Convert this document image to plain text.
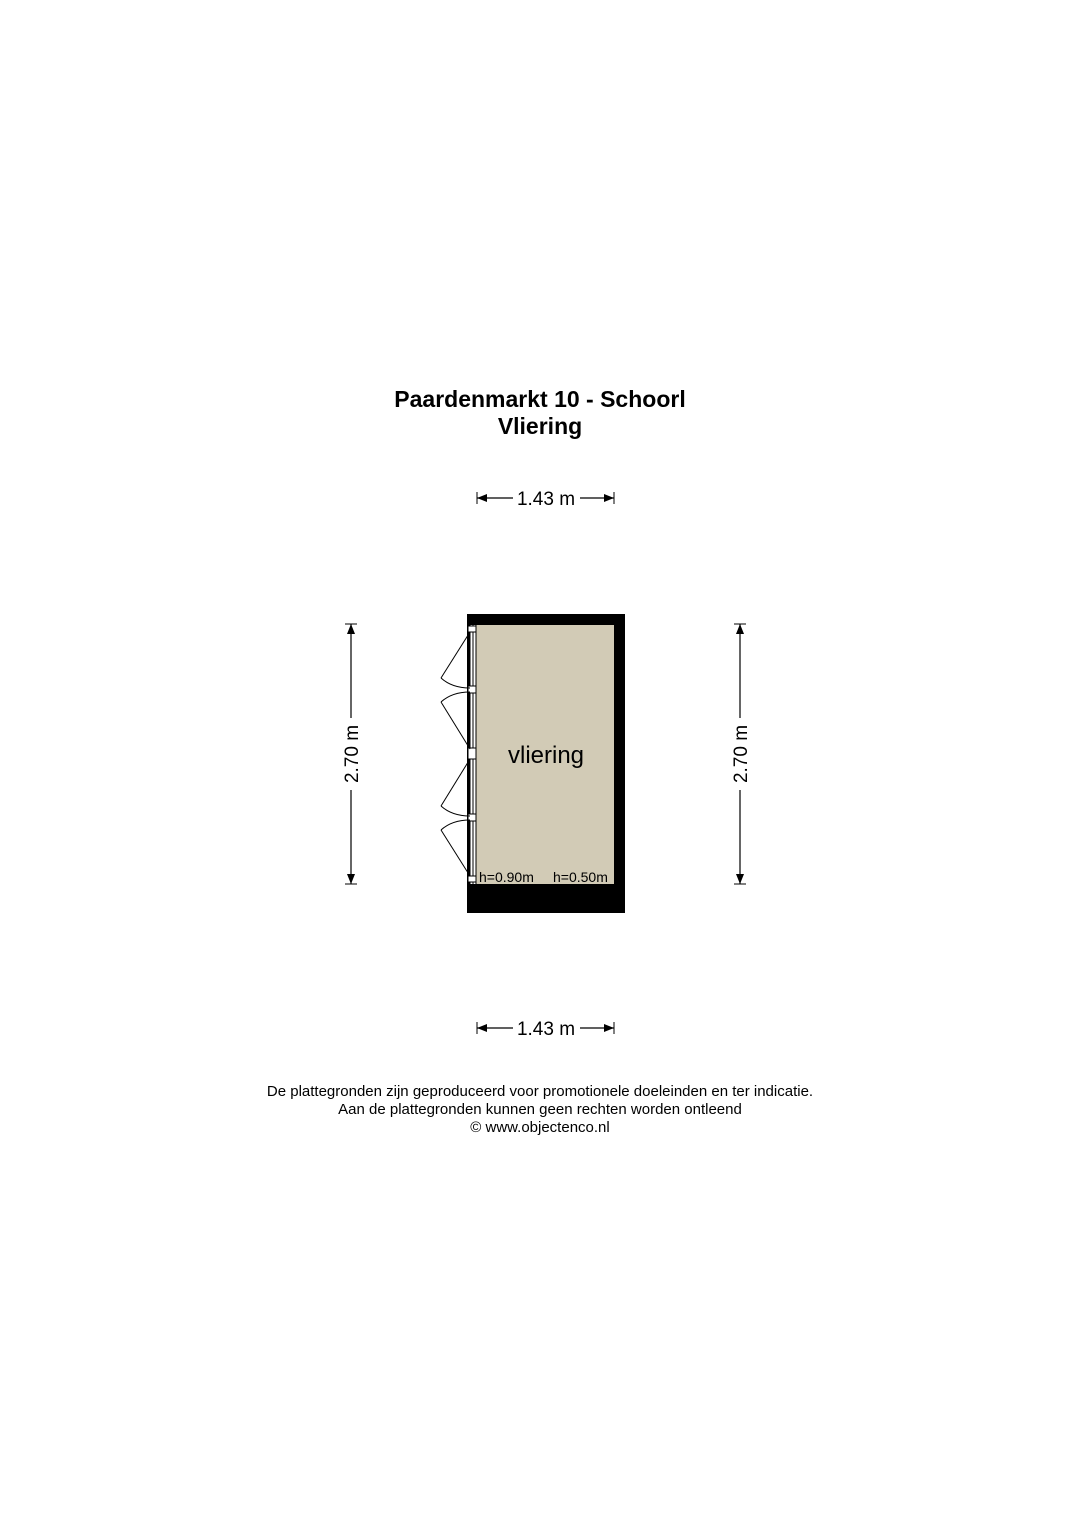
Paardenmarkt 10 - Schoorl
Vliering
1.43 m
1.43 m
2.70 m	2.70 m
vliering
h=0.90m h=0.50m
De plattegronden zijn geproduceerd voor promotionele doeleinden en ter indicatie.
Aan de plattegronden kunnen geen rechten worden ontleend
© www.objectenco.nl
